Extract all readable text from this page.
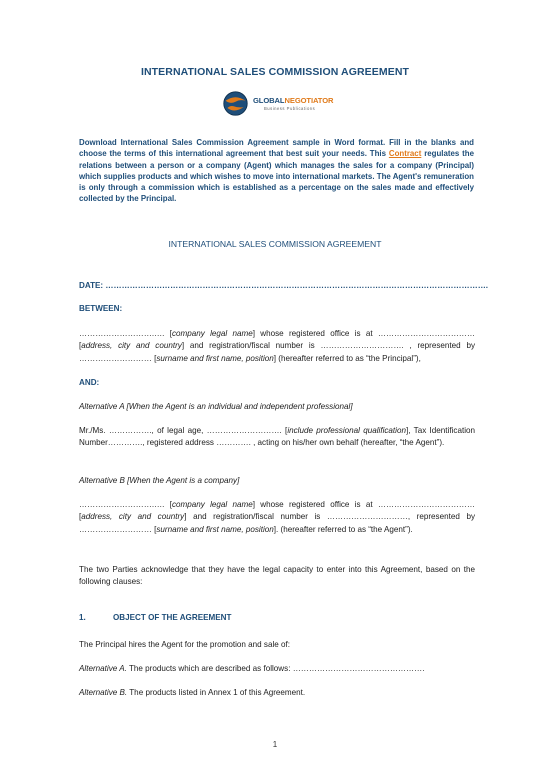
INTERNATIONAL SALES COMMISSION AGREEMENT
GLOBALNEGOTIATOR
Business Publications
Download International Sales Commission Agreement sample in Word format. Fill in the blanks and choose the terms of this international agreement that best suit your needs. This Contract regulates the relations between a person or a company (Agent) which manages the sales for a company (Principal) which supplies products and which wishes to move into international markets. The Agent's remuneration is only through a commission which is established as a percentage on the sales made and effectively collected by the Principal.
INTERNATIONAL SALES COMMISSION AGREEMENT
DATE: …………………………………………………………………………………………………………………………….
BETWEEN:
……………………….…. [company legal name] whose registered office is at ……………………………… [address, city and country] and registration/fiscal number is …………………………. , represented by ……………………… [surname and first name, position] (hereafter referred to as “the Principal”),
AND:
Alternative A [When the Agent is an individual and independent professional]
Mr./Ms. ……………., of legal age, ………………………. [include professional qualification], Tax Identification Number…………., registered address …………. , acting on his/her own behalf (hereafter, “the Agent”).
Alternative B [When the Agent is a company]
……………………….…. [company legal name] whose registered office is at ……………………………… [address, city and country] and registration/fiscal number is …………………………, represented by ……………………… [surname and first name, position]. (hereafter referred to as “the Agent”).
The two Parties acknowledge that they have the legal capacity to enter into this Agreement, based on the following clauses:
1.	OBJECT OF THE AGREEMENT
The Principal hires the Agent for the promotion and sale of:
Alternative A. The products which are described as follows: ………………………………………….
Alternative B. The products listed in Annex 1 of this Agreement.
1
